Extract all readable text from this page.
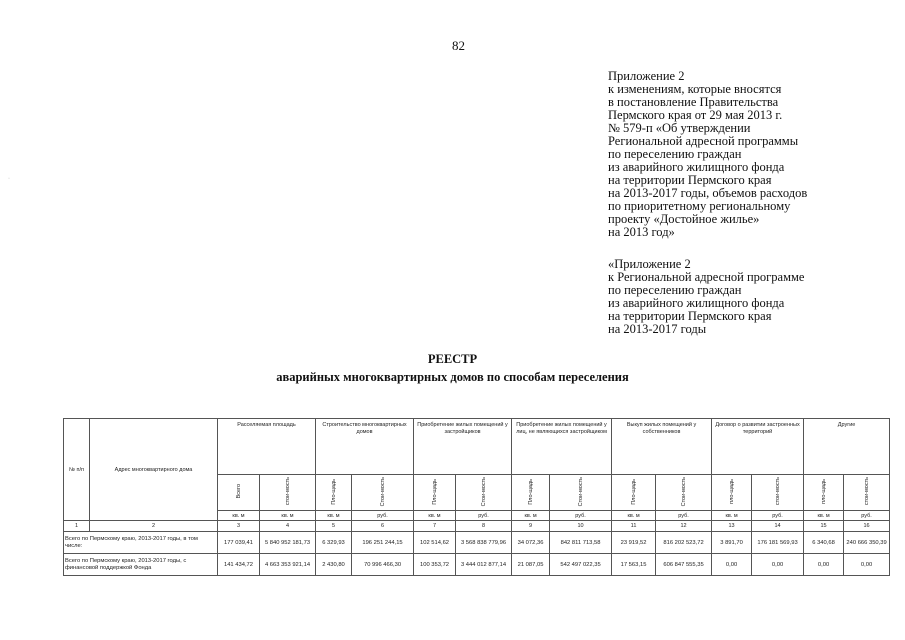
82
·
Приложение 2
к изменениям, которые вносятся
в постановление Правительства
Пермского края от 29 мая 2013 г.
№ 579-п «Об утверждении
Региональной адресной программы
по переселению граждан
из аварийного жилищного фонда
на территории Пермского края
на 2013-2017 годы, объемов расходов
по приоритетному региональному
проекту «Достойное жилье»
на 2013 год»
«Приложение 2
к Региональной адресной программе
по переселению граждан
из аварийного жилищного фонда
на территории Пермского края
на 2013-2017 годы
РЕЕСТР
аварийных многоквартирных домов по способам переселения
№ п/п	Адрес многоквартирного дома	Расселяемая площадь		Строительство многоквартирных домов		Приобретение жилых помещений у застройщиков		Приобретение жилых помещений у лиц, не являющихся застройщиком		Выкуп жилых помещений у собственников		Договор о развитии застроенных территорий		Другие	
		Всего	стои-мость	Пло-щадь	Стои-мость	Пло-щадь	Стои-мость	Пло-щадь	Стои-мость	Пло-щадь	Стои-мость	пло-щадь	стои-мость	пло-щадь	стои-мость
		кв. м	кв. м	кв. м	руб.	кв. м	руб.	кв. м	руб.	кв. м	руб.	кв. м	руб.	кв. м	руб.
1	2	3	4	5	6	7	8	9	10	11	12	13	14	15	16
Всего по Пермскому краю, 2013-2017 годы, в том числе:		177 039,41	5 840 952 181,73	6 329,93	196 251 244,15	102 514,62	3 568 838 779,96	34 072,36	842 811 713,58	23 919,52	816 202 523,72	3 891,70	176 181 569,93	6 340,68	240 666 350,39
Всего по Пермскому краю, 2013-2017 годы, с финансовой поддержкой Фонда		141 434,72	4 663 353 921,14	2 430,80	70 996 466,30	100 353,72	3 444 012 877,14	21 087,05	542 497 022,35	17 563,15	606 847 555,35	0,00	0,00	0,00	0,00
